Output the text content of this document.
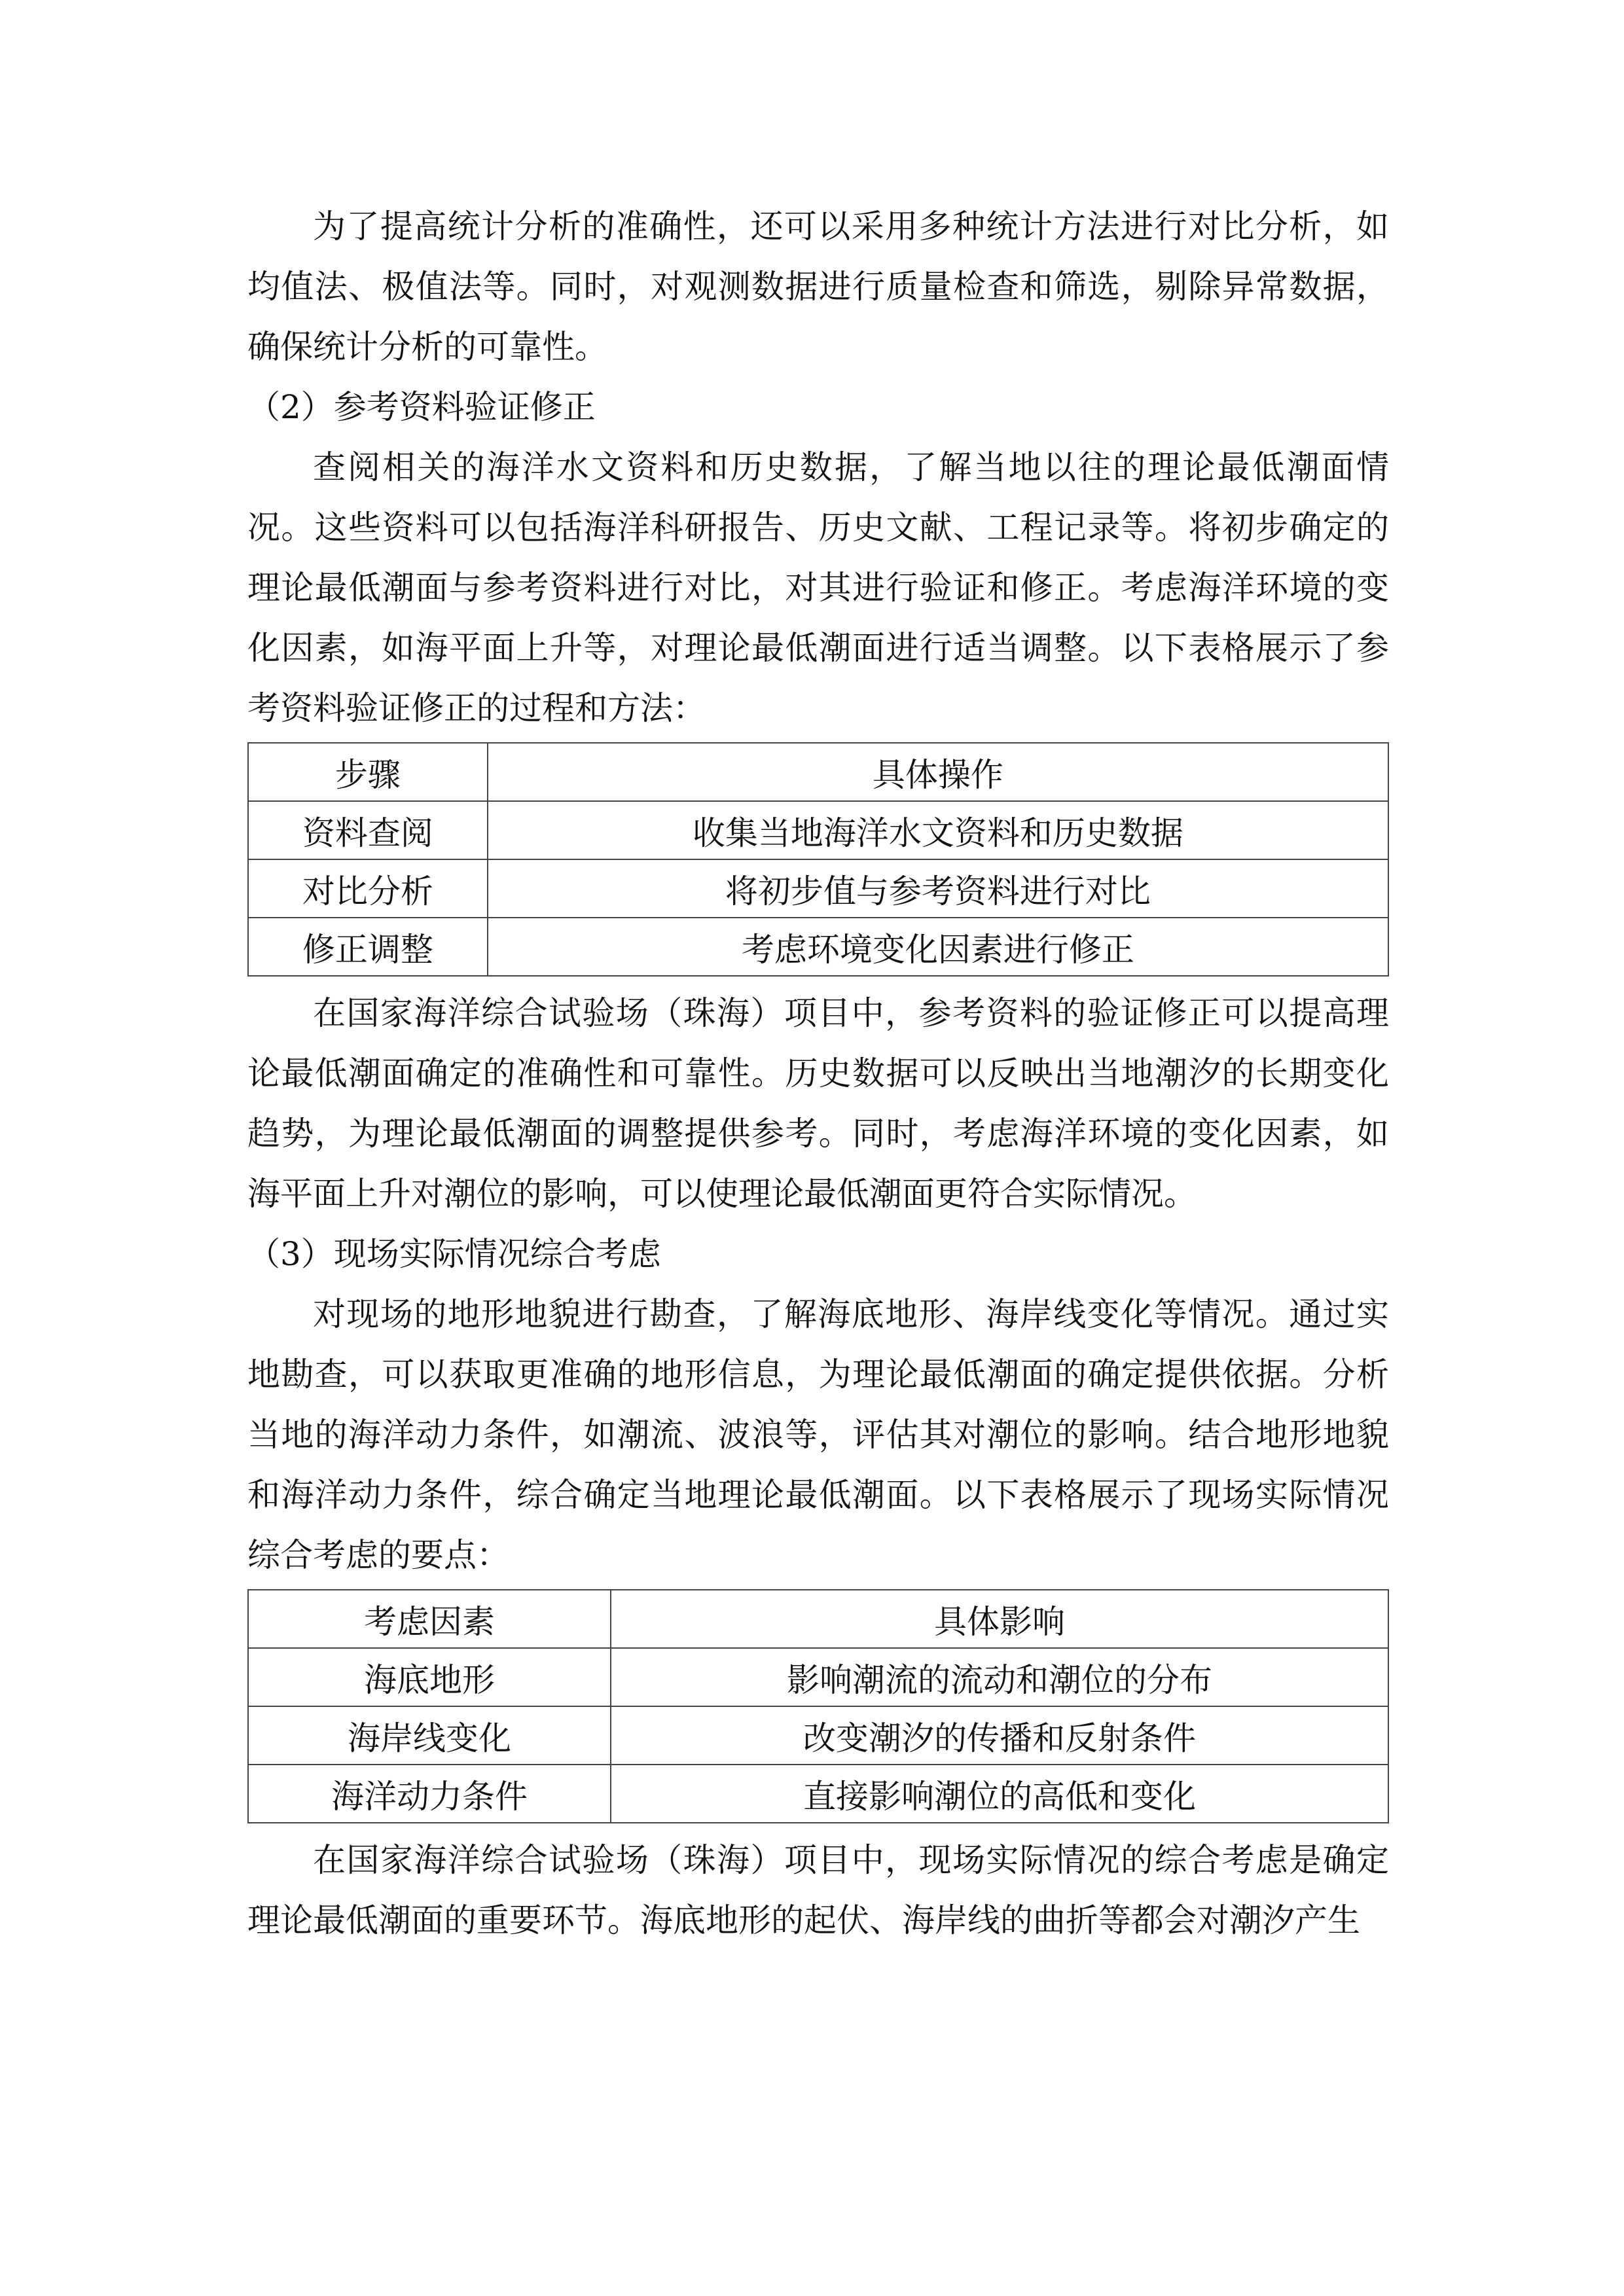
为了提高统计分析的准确性，还可以采用多种统计方法进行对比分析，如均值法、极值法等。同时，对观测数据进行质量检查和筛选，剔除异常数据，确保统计分析的可靠性。

（2）参考资料验证修正

查阅相关的海洋水文资料和历史数据，了解当地以往的理论最低潮面情况。这些资料可以包括海洋科研报告、历史文献、工程记录等。将初步确定的理论最低潮面与参考资料进行对比，对其进行验证和修正。考虑海洋环境的变化因素，如海平面上升等，对理论最低潮面进行适当调整。以下表格展示了参考资料验证修正的过程和方法：

步骤	具体操作
资料查阅	收集当地海洋水文资料和历史数据
对比分析	将初步值与参考资料进行对比
修正调整	考虑环境变化因素进行修正

在国家海洋综合试验场（珠海）项目中，参考资料的验证修正可以提高理论最低潮面确定的准确性和可靠性。历史数据可以反映出当地潮汐的长期变化趋势，为理论最低潮面的调整提供参考。同时，考虑海洋环境的变化因素，如海平面上升对潮位的影响，可以使理论最低潮面更符合实际情况。

（3）现场实际情况综合考虑

对现场的地形地貌进行勘查，了解海底地形、海岸线变化等情况。通过实地勘查，可以获取更准确的地形信息，为理论最低潮面的确定提供依据。分析当地的海洋动力条件，如潮流、波浪等，评估其对潮位的影响。结合地形地貌和海洋动力条件，综合确定当地理论最低潮面。以下表格展示了现场实际情况综合考虑的要点：

考虑因素	具体影响
海底地形	影响潮流的流动和潮位的分布
海岸线变化	改变潮汐的传播和反射条件
海洋动力条件	直接影响潮位的高低和变化

在国家海洋综合试验场（珠海）项目中，现场实际情况的综合考虑是确定理论最低潮面的重要环节。海底地形的起伏、海岸线的曲折等都会对潮汐产生
